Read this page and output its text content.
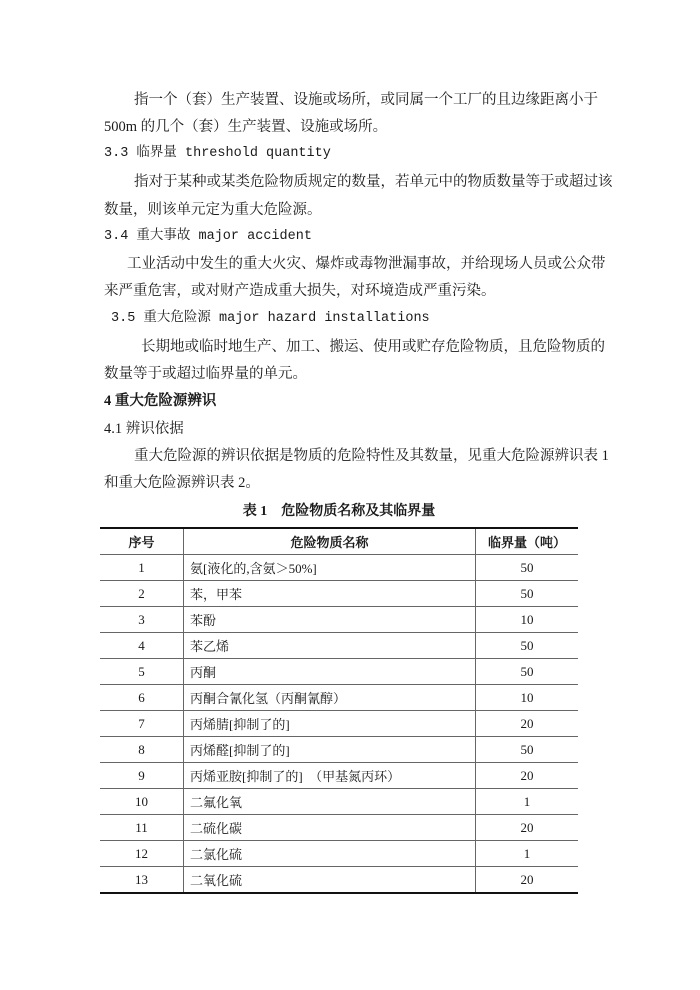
指一个（套）生产装置、设施或场所，或同属一个工厂的且边缘距离小于
500m 的几个（套）生产装置、设施或场所。
3.3 临界量 threshold quantity
指对于某种或某类危险物质规定的数量，若单元中的物质数量等于或超过该
数量，则该单元定为重大危险源。
3.4 重大事故 major accident
工业活动中发生的重大火灾、爆炸或毒物泄漏事故，并给现场人员或公众带
来严重危害，或对财产造成重大损失，对环境造成严重污染。
3.5 重大危险源 major hazard installations
长期地或临时地生产、加工、搬运、使用或贮存危险物质，且危险物质的
数量等于或超过临界量的单元。
4 重大危险源辨识
4.1 辨识依据
重大危险源的辨识依据是物质的危险特性及其数量，见重大危险源辨识表 1
和重大危险源辨识表 2。
表 1　危险物质名称及其临界量
序号	危险物质名称	临界量（吨）
1	氨[液化的,含氨＞50%]	50
2	苯，甲苯	50
3	苯酚	10
4	苯乙烯	50
5	丙酮	50
6	丙酮合氰化氢（丙酮氰醇）	10
7	丙烯腈[抑制了的]	20
8	丙烯醛[抑制了的]	50
9	丙烯亚胺[抑制了的]　（甲基氮丙环）	20
10	二氟化氧	1
11	二硫化碳	20
12	二氯化硫	1
13	二氧化硫	20
